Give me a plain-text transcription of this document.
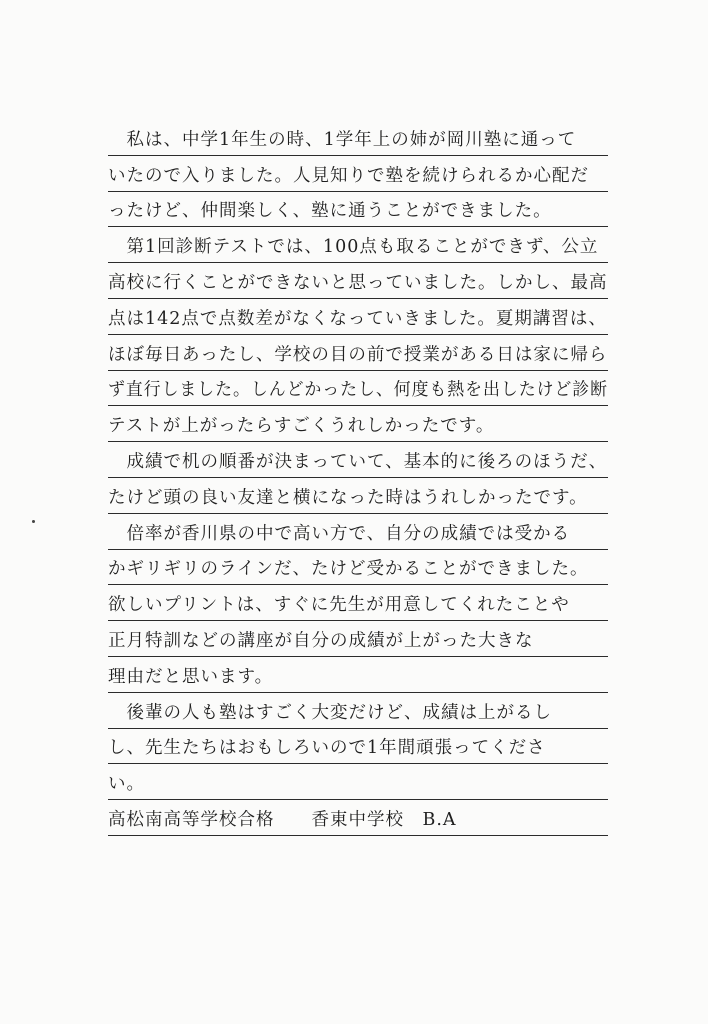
　私は、中学1年生の時、1学年上の姉が岡川塾に通って
いたので入りました。人見知りで塾を続けられるか心配だ
ったけど、仲間楽しく、塾に通うことができました。
　第1回診断テストでは、100点も取ることができず、公立
高校に行くことができないと思っていました。しかし、最高
点は142点で点数差がなくなっていきました。夏期講習は、
ほぼ毎日あったし、学校の目の前で授業がある日は家に帰ら
ず直行しました。しんどかったし、何度も熱を出したけど診断
テストが上がったらすごくうれしかったです。
　成績で机の順番が決まっていて、基本的に後ろのほうだ、
たけど頭の良い友達と横になった時はうれしかったです。
　倍率が香川県の中で高い方で、自分の成績では受かる
かギリギリのラインだ、たけど受かることができました。
欲しいプリントは、すぐに先生が用意してくれたことや
正月特訓などの講座が自分の成績が上がった大きな
理由だと思います。
　後輩の人も塾はすごく大変だけど、成績は上がるし
し、先生たちはおもしろいので1年間頑張ってくださ
い。
高松南高等学校合格　　香東中学校　B.A
